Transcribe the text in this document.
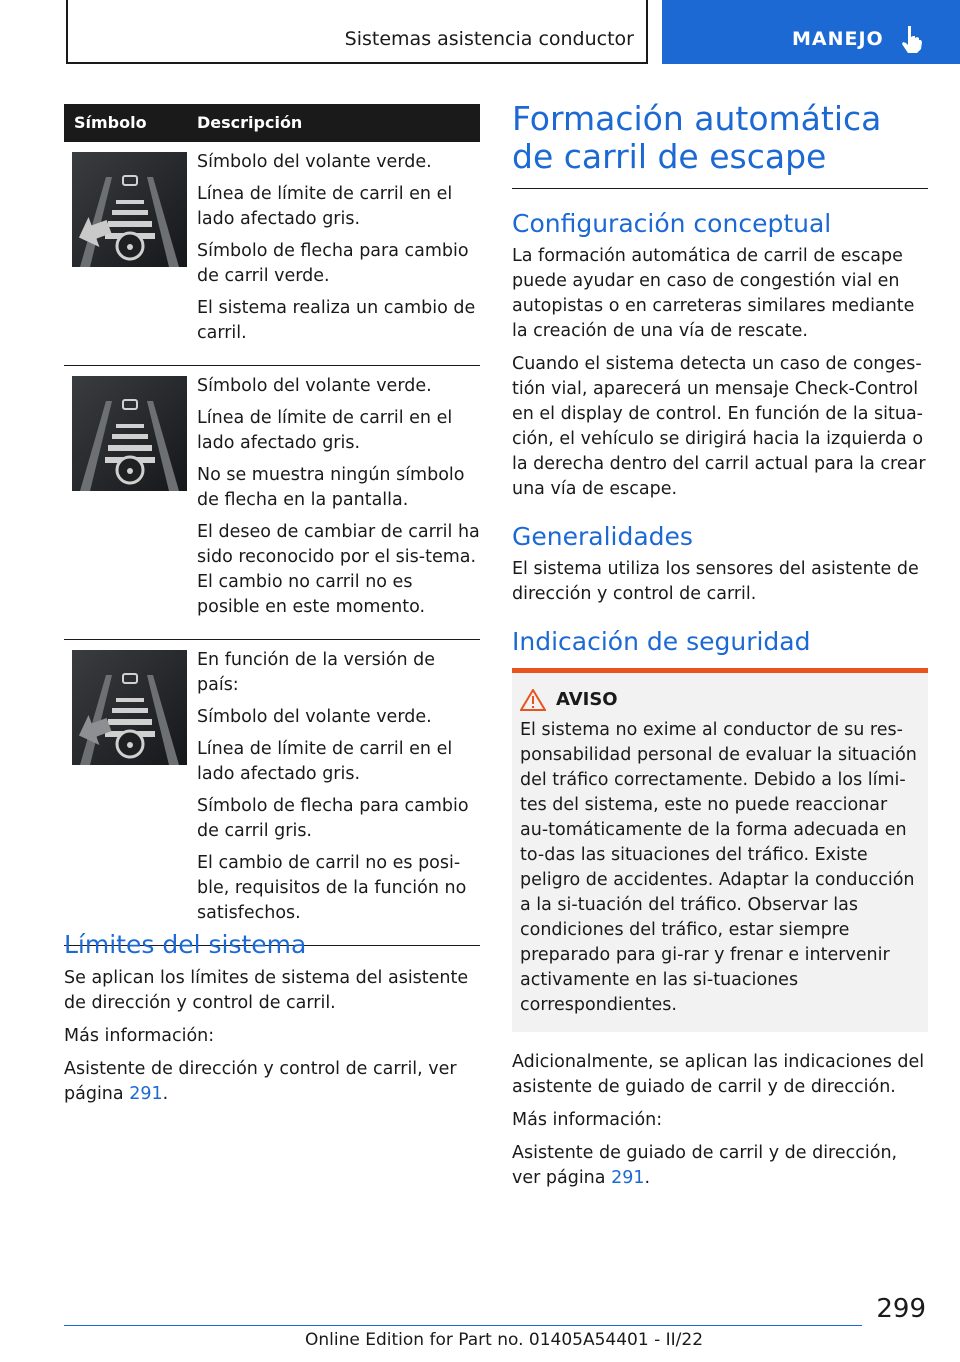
Sistemas asistencia conductor	MANEJO
Símbolo	Descripción

Símbolo del volante verde.

Línea de límite de carril en el lado afectado gris.

Símbolo de flecha para cambio de carril verde.

El sistema realiza un cambio de carril.

Símbolo del volante verde.

Línea de límite de carril en el lado afectado gris.

No se muestra ningún símbolo de flecha en la pantalla.

El deseo de cambiar de carril ha sido reconocido por el sis-tema. El cambio no carril no es posible en este momento.

En función de la versión de país:

Símbolo del volante verde.

Línea de límite de carril en el lado afectado gris.

Símbolo de flecha para cambio de carril gris.

El cambio de carril no es posi-ble, requisitos de la función no satisfechos.

Límites del sistema

Se aplican los límites de sistema del asistente de dirección y control de carril.

Más información:

Asistente de dirección y control de carril, ver página 291.

Formación automática de carril de escape
Configuración conceptual

La formación automática de carril de escape puede ayudar en caso de congestión vial en autopistas o en carreteras similares mediante la creación de una vía de rescate.

Cuando el sistema detecta un caso de conges-tión vial, aparecerá un mensaje Check-Control en el display de control. En función de la situa-ción, el vehículo se dirigirá hacia la izquierda o la derecha dentro del carril actual para la crear una vía de escape.

Generalidades

El sistema utiliza los sensores del asistente de dirección y control de carril.

Indicación de seguridad
AVISO

El sistema no exime al conductor de su res-ponsabilidad personal de evaluar la situación del tráfico correctamente. Debido a los lími-tes del sistema, este no puede reaccionar au-tomáticamente de la forma adecuada en to-das las situaciones del tráfico. Existe peligro de accidentes. Adaptar la conducción a la si-tuación del tráfico. Observar las condiciones del tráfico, estar siempre preparado para gi-rar y frenar e intervenir activamente en las si-tuaciones correspondientes.

Adicionalmente, se aplican las indicaciones del asistente de guiado de carril y de dirección.

Más información:

Asistente de guiado de carril y de dirección, ver página 291.

299
Online Edition for Part no. 01405A54401 - II/22
